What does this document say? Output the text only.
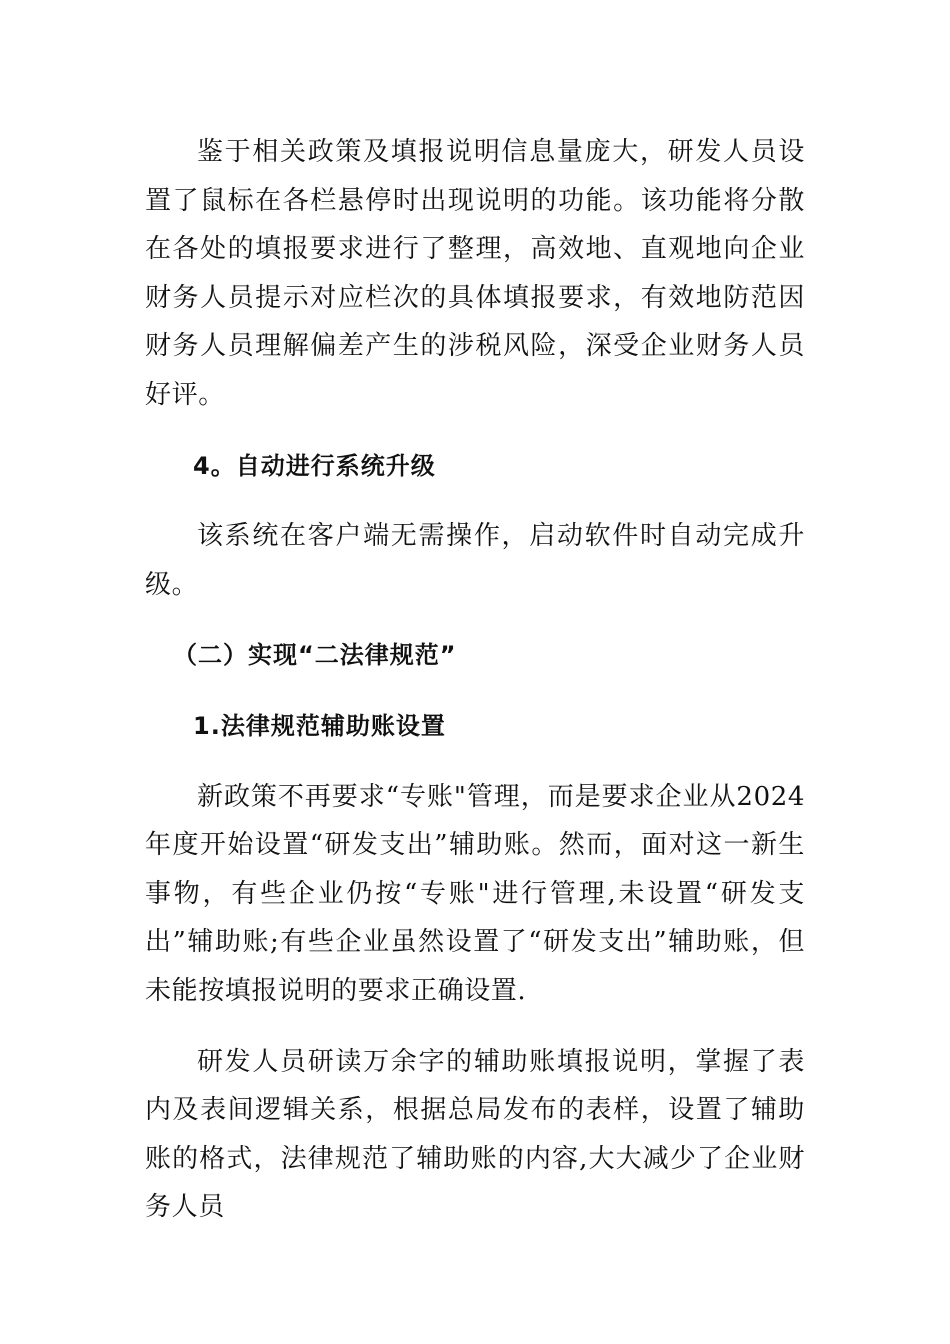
鉴于相关政策及填报说明信息量庞大，研发人员设置了鼠标在各栏悬停时出现说明的功能。该功能将分散在各处的填报要求进行了整理，高效地、直观地向企业财务人员提示对应栏次的具体填报要求，有效地防范因财务人员理解偏差产生的涉税风险，深受企业财务人员好评。

4。自动进行系统升级

该系统在客户端无需操作，启动软件时自动完成升级。

（二）实现“二法律规范”

1.法律规范辅助账设置

新政策不再要求“专账"管理，而是要求企业从2024年度开始设置“研发支出”辅助账。然而，面对这一新生事物，有些企业仍按“专账"进行管理,未设置“研发支出”辅助账;有些企业虽然设置了“研发支出”辅助账，但未能按填报说明的要求正确设置.

研发人员研读万余字的辅助账填报说明，掌握了表内及表间逻辑关系，根据总局发布的表样，设置了辅助账的格式，法律规范了辅助账的内容,大大减少了企业财务人员
